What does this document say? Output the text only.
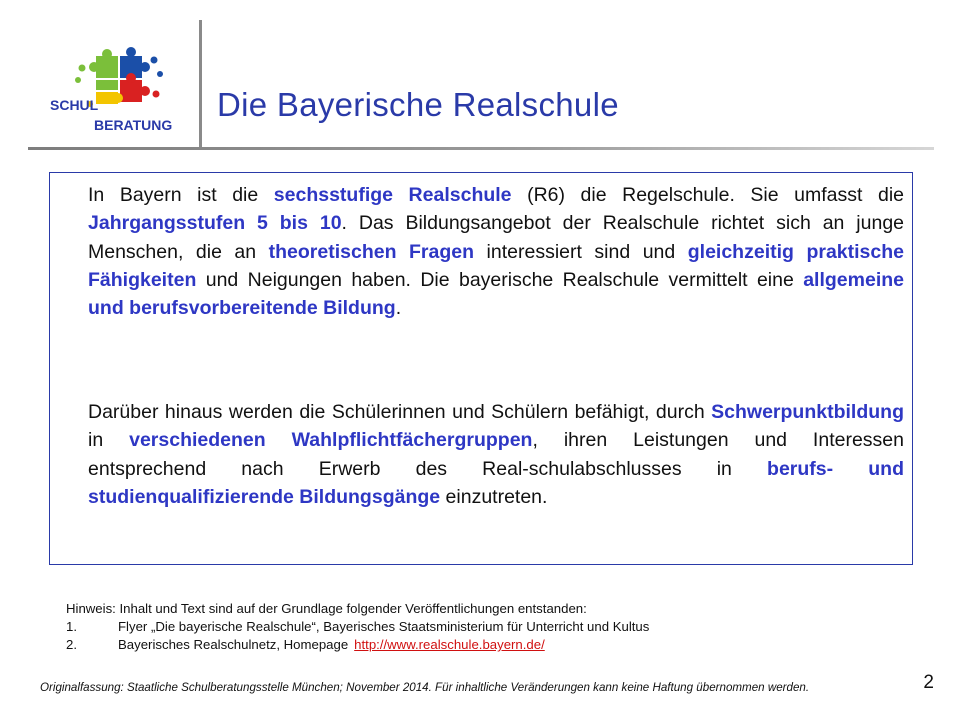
SCHUL
BERATUNG
Die Bayerische Realschule

In Bayern ist die sechsstufige Realschule (R6) die Regelschule. Sie umfasst die Jahrgangsstufen 5 bis 10. Das Bildungsangebot der Realschule richtet sich an junge Menschen, die an theoretischen Fragen interessiert sind und gleichzeitig praktische Fähigkeiten und Neigungen haben. Die bayerische Realschule vermittelt eine allgemeine und berufsvorbereitende Bildung.

Darüber hinaus werden die Schülerinnen und Schülern befähigt, durch Schwerpunktbildung in verschiedenen Wahlpflichtfächergruppen, ihren Leistungen und Interessen entsprechend nach Erwerb des Real-schulabschlusses in berufs- und studienqualifizierende Bildungsgänge einzutreten.

Hinweis: Inhalt und Text sind auf der Grundlage folgender Veröffentlichungen entstanden:
1.	Flyer „Die bayerische Realschule“, Bayerisches Staatsministerium für Unterricht und Kultus
2.	Bayerisches Realschulnetz, Homepage http://www.realschule.bayern.de/
Originalfassung: Staatliche Schulberatungsstelle München; November 2014. Für inhaltliche Veränderungen kann keine Haftung übernommen werden.	2
